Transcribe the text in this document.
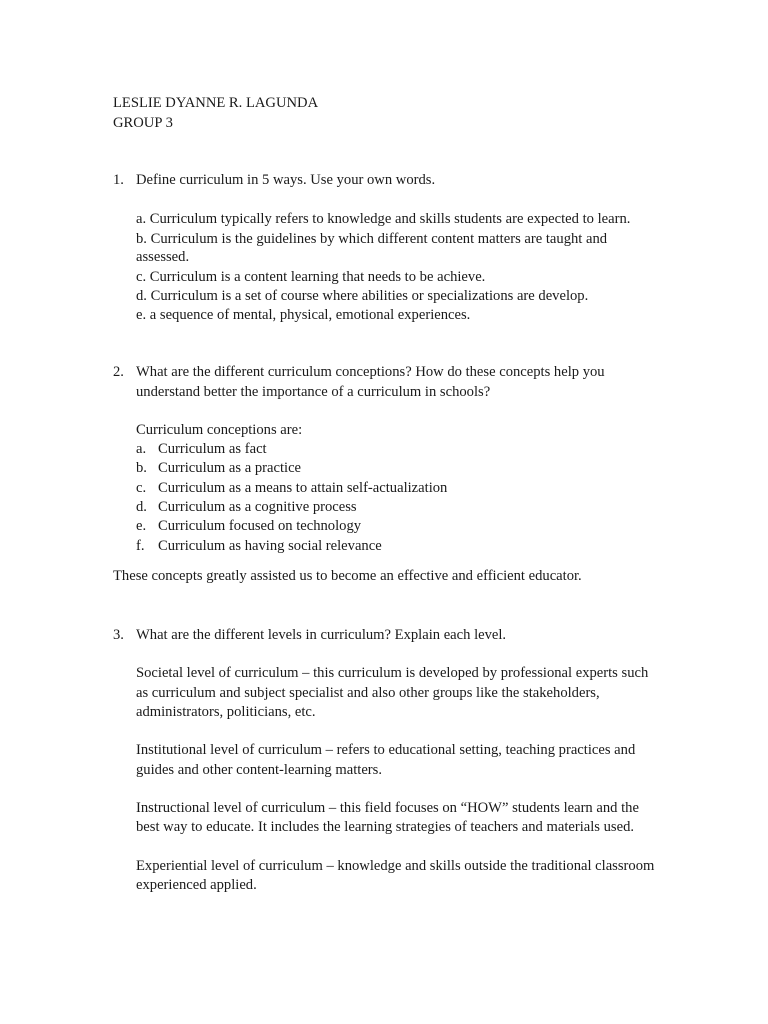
LESLIE DYANNE R. LAGUNDA
GROUP 3
1. Define curriculum in 5 ways. Use your own words.
a. Curriculum typically refers to knowledge and skills students are expected to learn.
b. Curriculum is the guidelines by which different content matters are taught and
assessed.
c. Curriculum is a content learning that needs to be achieve.
d. Curriculum is a set of course where abilities or specializations are develop.
e. a sequence of mental, physical, emotional experiences.
2. What are the different curriculum conceptions? How do these concepts help you
understand better the importance of a curriculum in schools?
Curriculum conceptions are:
a. Curriculum as fact
b. Curriculum as a practice
c. Curriculum as a means to attain self-actualization
d. Curriculum as a cognitive process
e. Curriculum focused on technology
f. Curriculum as having social relevance
These concepts greatly assisted us to become an effective and efficient educator.
3. What are the different levels in curriculum? Explain each level.
Societal level of curriculum – this curriculum is developed by professional experts such
as curriculum and subject specialist and also other groups like the stakeholders,
administrators, politicians, etc.
Institutional level of curriculum – refers to educational setting, teaching practices and
guides and other content-learning matters.
Instructional level of curriculum – this field focuses on “HOW” students learn and the
best way to educate. It includes the learning strategies of teachers and materials used.
Experiential level of curriculum – knowledge and skills outside the traditional classroom
experienced applied.
